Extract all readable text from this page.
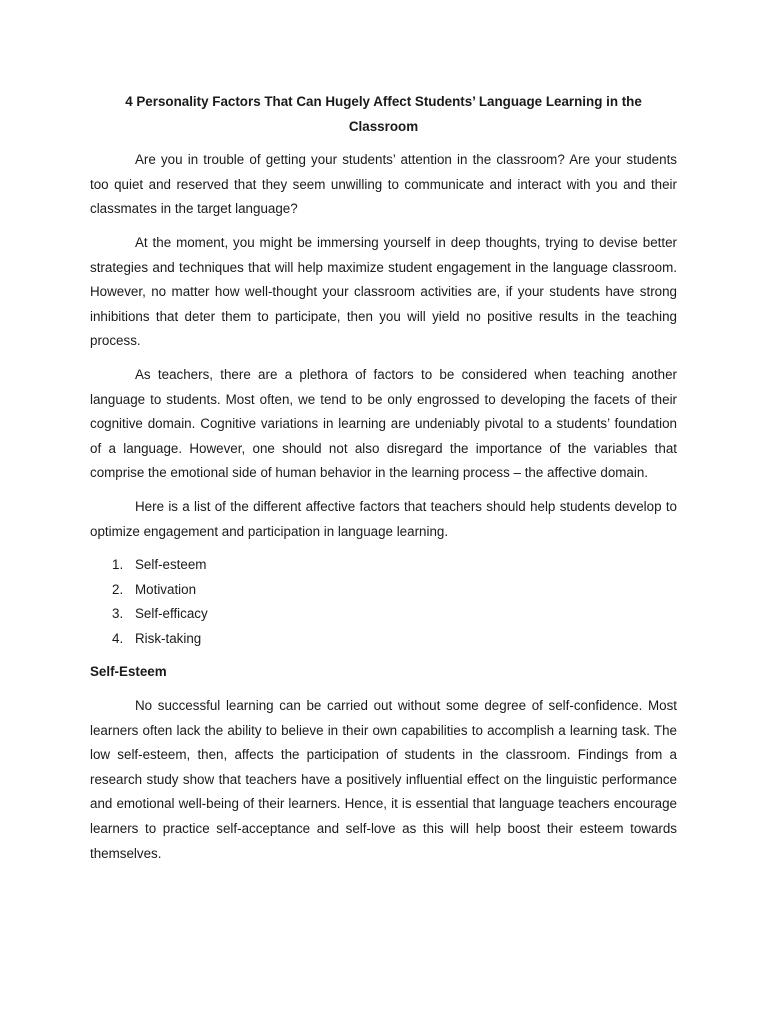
4 Personality Factors That Can Hugely Affect Students’ Language Learning in the Classroom

Are you in trouble of getting your students’ attention in the classroom? Are your students too quiet and reserved that they seem unwilling to communicate and interact with you and their classmates in the target language?

At the moment, you might be immersing yourself in deep thoughts, trying to devise better strategies and techniques that will help maximize student engagement in the language classroom. However, no matter how well-thought your classroom activities are, if your students have strong inhibitions that deter them to participate, then you will yield no positive results in the teaching process.

As teachers, there are a plethora of factors to be considered when teaching another language to students. Most often, we tend to be only engrossed to developing the facets of their cognitive domain. Cognitive variations in learning are undeniably pivotal to a students’ foundation of a language. However, one should not also disregard the importance of the variables that comprise the emotional side of human behavior in the learning process – the affective domain.

Here is a list of the different affective factors that teachers should help students develop to optimize engagement and participation in language learning.

1. Self-esteem
2. Motivation
3. Self-efficacy
4. Risk-taking

Self-Esteem

No successful learning can be carried out without some degree of self-confidence. Most learners often lack the ability to believe in their own capabilities to accomplish a learning task. The low self-esteem, then, affects the participation of students in the classroom. Findings from a research study show that teachers have a positively influential effect on the linguistic performance and emotional well-being of their learners. Hence, it is essential that language teachers encourage learners to practice self-acceptance and self-love as this will help boost their esteem towards themselves.
